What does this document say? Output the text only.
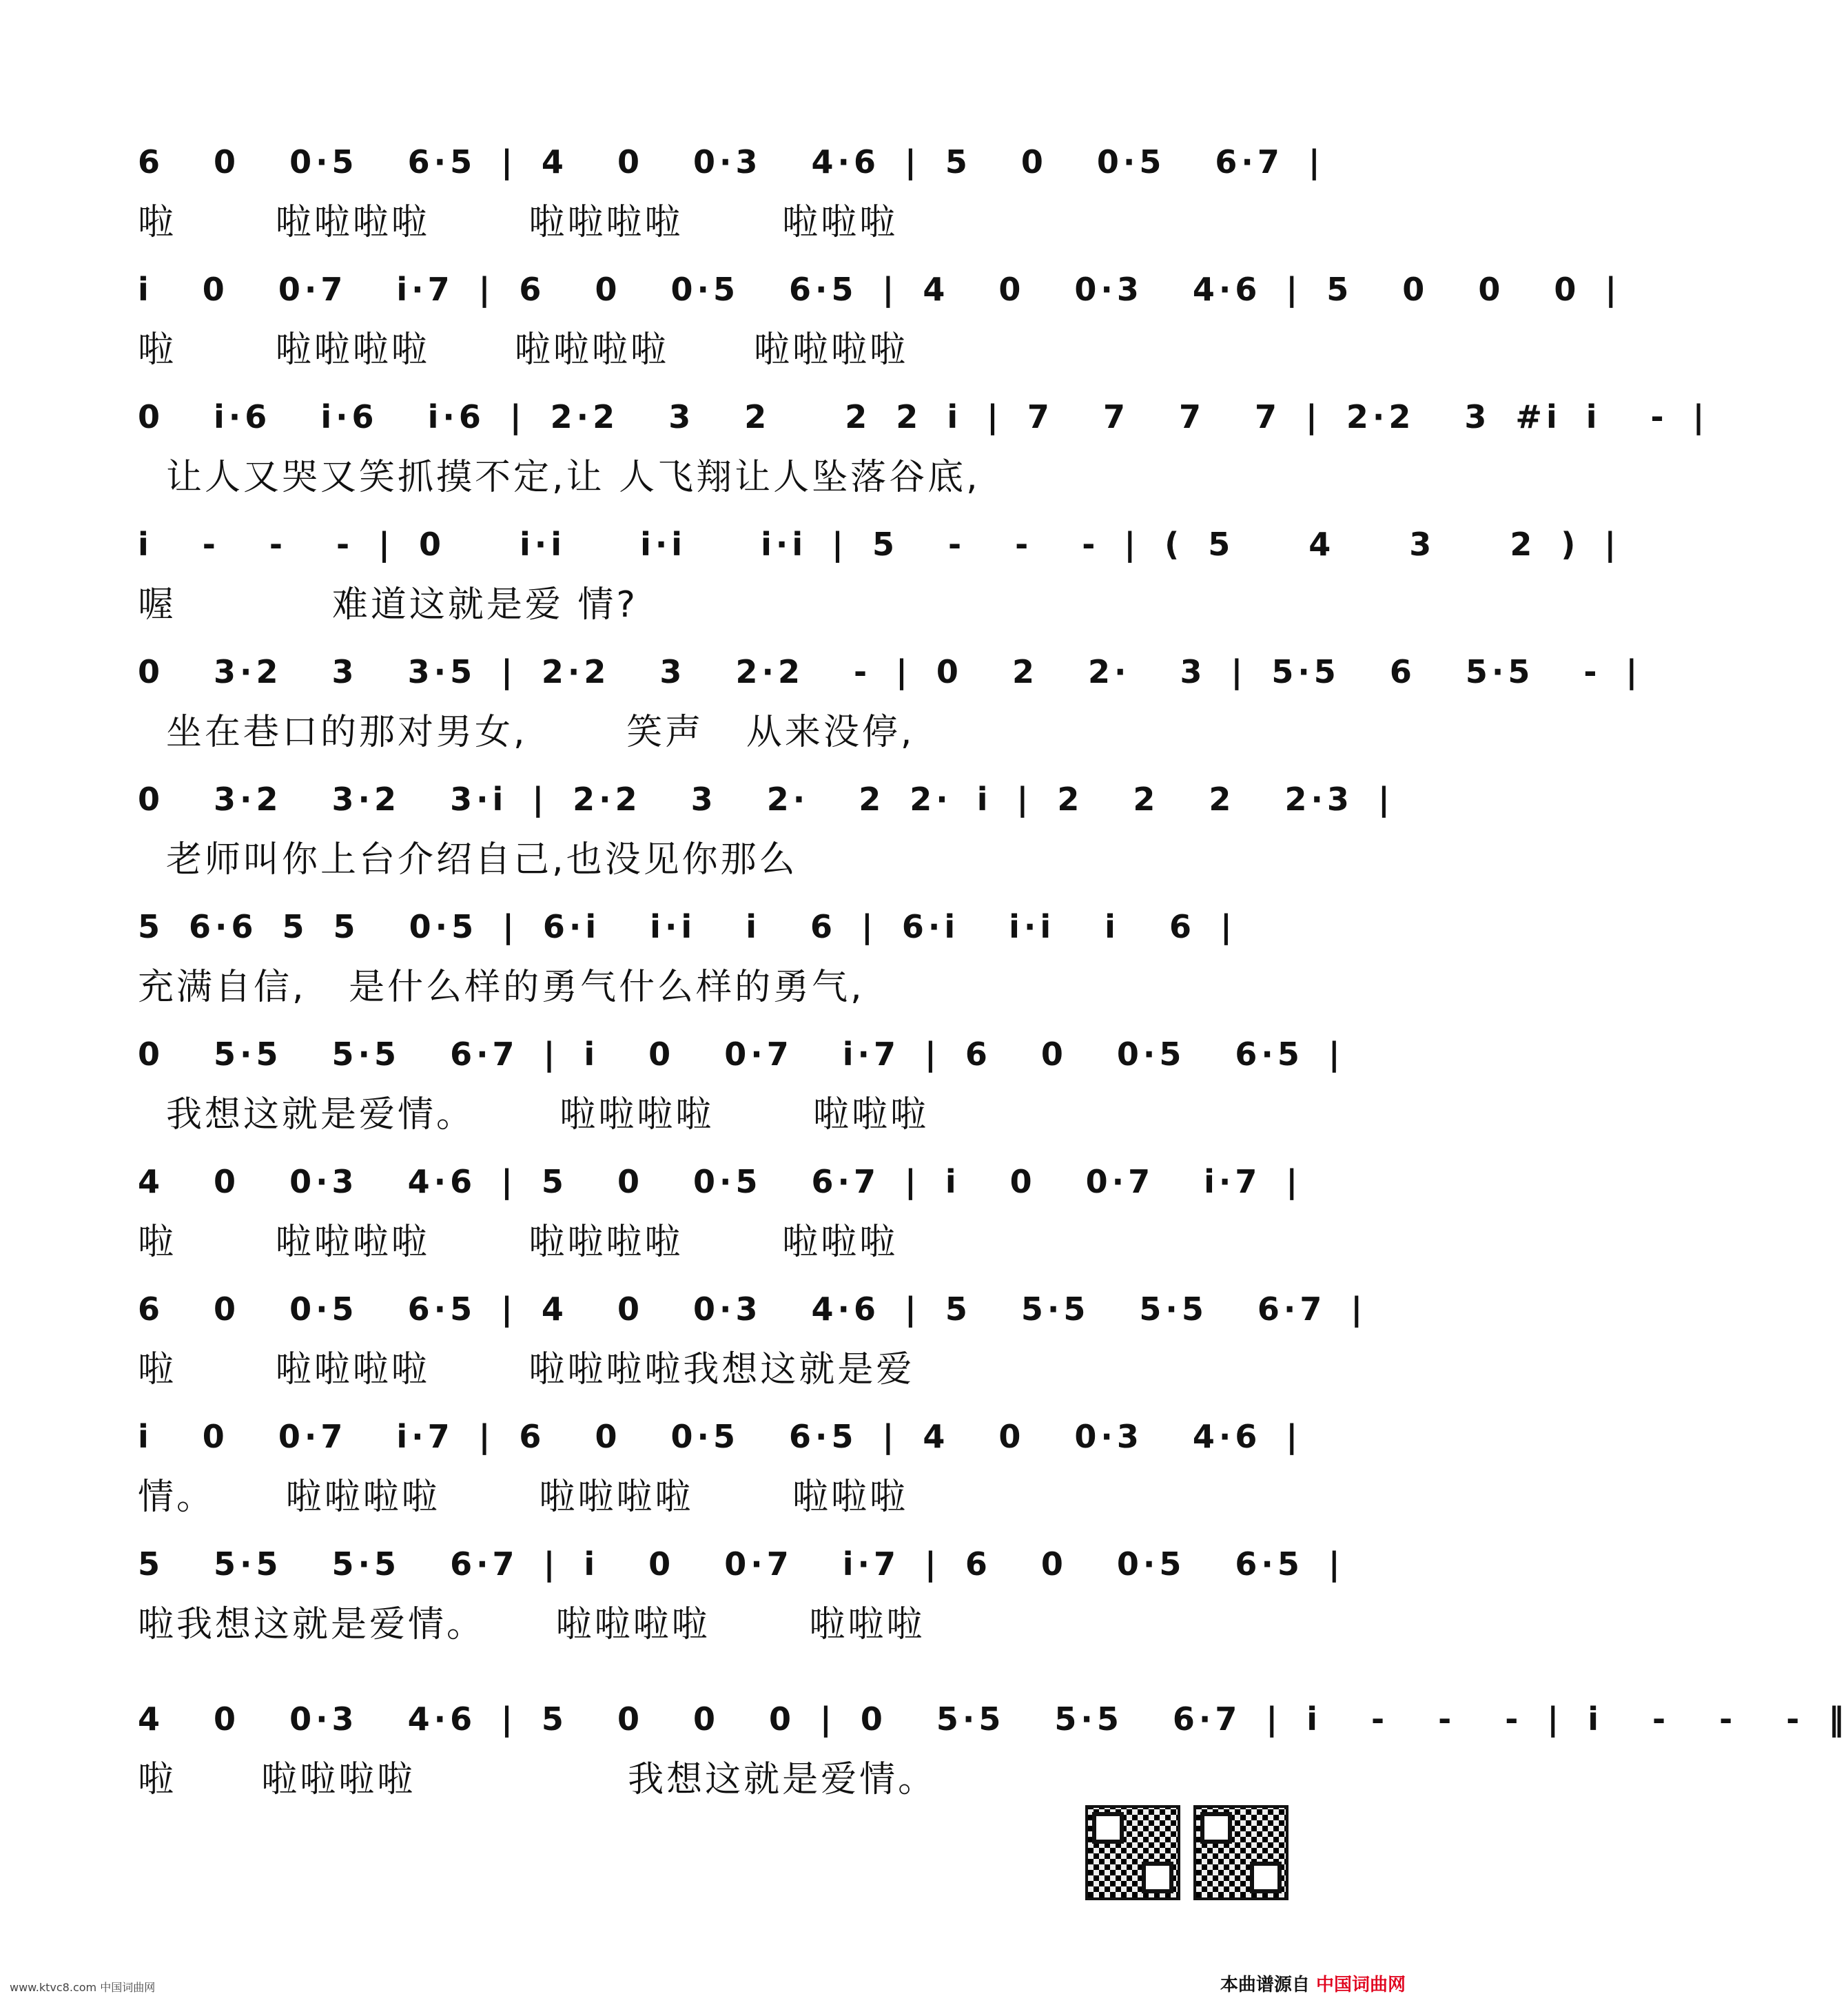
6  0  0·5  6·5 | 4  0  0·3  4·6 | 5  0  0·5  6·7 |
啦       啦啦啦啦       啦啦啦啦       啦啦啦
i  0  0·7  i·7 | 6  0  0·5  6·5 | 4  0  0·3  4·6 | 5  0  0  0 |
啦       啦啦啦啦      啦啦啦啦      啦啦啦啦
0  i·6  i·6  i·6 | 2·2  3  2   2 2 i | 7  7  7  7 | 2·2  3 #i i  - |
让人又哭又笑抓摸不定,让 人飞翔让人坠落谷底,
i  -  -  - | 0   i·i   i·i   i·i | 5  -  -  - | ( 5   4   3   2 ) |
喔           难道这就是爱 情?
0  3·2  3  3·5 | 2·2  3  2·2  - | 0  2  2·  3 | 5·5  6  5·5  - |
坐在巷口的那对男女,       笑声   从来没停,
0  3·2  3·2  3·i | 2·2  3  2·  2 2· i | 2  2  2  2·3 |
老师叫你上台介绍自己,也没见你那么
5 6·6 5 5  0·5 | 6·i  i·i  i  6 | 6·i  i·i  i  6 |
充满自信,   是什么样的勇气什么样的勇气,
0  5·5  5·5  6·7 | i  0  0·7  i·7 | 6  0  0·5  6·5 |
我想这就是爱情。      啦啦啦啦       啦啦啦
4  0  0·3  4·6 | 5  0  0·5  6·7 | i  0  0·7  i·7 |
啦       啦啦啦啦       啦啦啦啦       啦啦啦
6  0  0·5  6·5 | 4  0  0·3  4·6 | 5  5·5  5·5  6·7 |
啦       啦啦啦啦       啦啦啦啦我想这就是爱
i  0  0·7  i·7 | 6  0  0·5  6·5 | 4  0  0·3  4·6 |
情。     啦啦啦啦       啦啦啦啦       啦啦啦
5  5·5  5·5  6·7 | i  0  0·7  i·7 | 6  0  0·5  6·5 |
啦我想这就是爱情。     啦啦啦啦       啦啦啦
4  0  0·3  4·6 | 5  0  0  0 | 0  5·5  5·5  6·7 | i  -  -  - | i  -  -  - ‖
啦      啦啦啦啦               我想这就是爱情。
www.ktvc8.com 中国词曲网	本曲谱源自 中国词曲网
